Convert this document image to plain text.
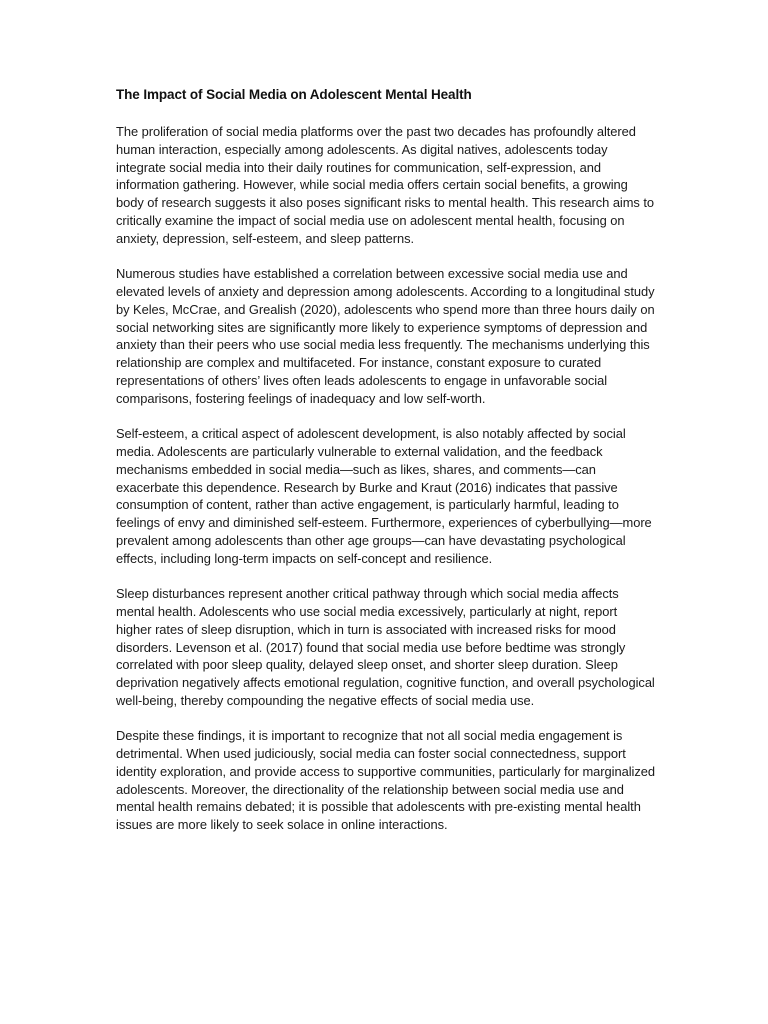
The Impact of Social Media on Adolescent Mental Health

The proliferation of social media platforms over the past two decades has profoundly altered human interaction, especially among adolescents. As digital natives, adolescents today integrate social media into their daily routines for communication, self-expression, and information gathering. However, while social media offers certain social benefits, a growing body of research suggests it also poses significant risks to mental health. This research aims to critically examine the impact of social media use on adolescent mental health, focusing on anxiety, depression, self-esteem, and sleep patterns.

Numerous studies have established a correlation between excessive social media use and elevated levels of anxiety and depression among adolescents. According to a longitudinal study by Keles, McCrae, and Grealish (2020), adolescents who spend more than three hours daily on social networking sites are significantly more likely to experience symptoms of depression and anxiety than their peers who use social media less frequently. The mechanisms underlying this relationship are complex and multifaceted. For instance, constant exposure to curated representations of others’ lives often leads adolescents to engage in unfavorable social comparisons, fostering feelings of inadequacy and low self-worth.

Self-esteem, a critical aspect of adolescent development, is also notably affected by social media. Adolescents are particularly vulnerable to external validation, and the feedback mechanisms embedded in social media—such as likes, shares, and comments—can exacerbate this dependence. Research by Burke and Kraut (2016) indicates that passive consumption of content, rather than active engagement, is particularly harmful, leading to feelings of envy and diminished self-esteem. Furthermore, experiences of cyberbullying—more prevalent among adolescents than other age groups—can have devastating psychological effects, including long-term impacts on self-concept and resilience.

Sleep disturbances represent another critical pathway through which social media affects mental health. Adolescents who use social media excessively, particularly at night, report higher rates of sleep disruption, which in turn is associated with increased risks for mood disorders. Levenson et al. (2017) found that social media use before bedtime was strongly correlated with poor sleep quality, delayed sleep onset, and shorter sleep duration. Sleep deprivation negatively affects emotional regulation, cognitive function, and overall psychological well-being, thereby compounding the negative effects of social media use.

Despite these findings, it is important to recognize that not all social media engagement is detrimental. When used judiciously, social media can foster social connectedness, support identity exploration, and provide access to supportive communities, particularly for marginalized adolescents. Moreover, the directionality of the relationship between social media use and mental health remains debated; it is possible that adolescents with pre-existing mental health issues are more likely to seek solace in online interactions.
